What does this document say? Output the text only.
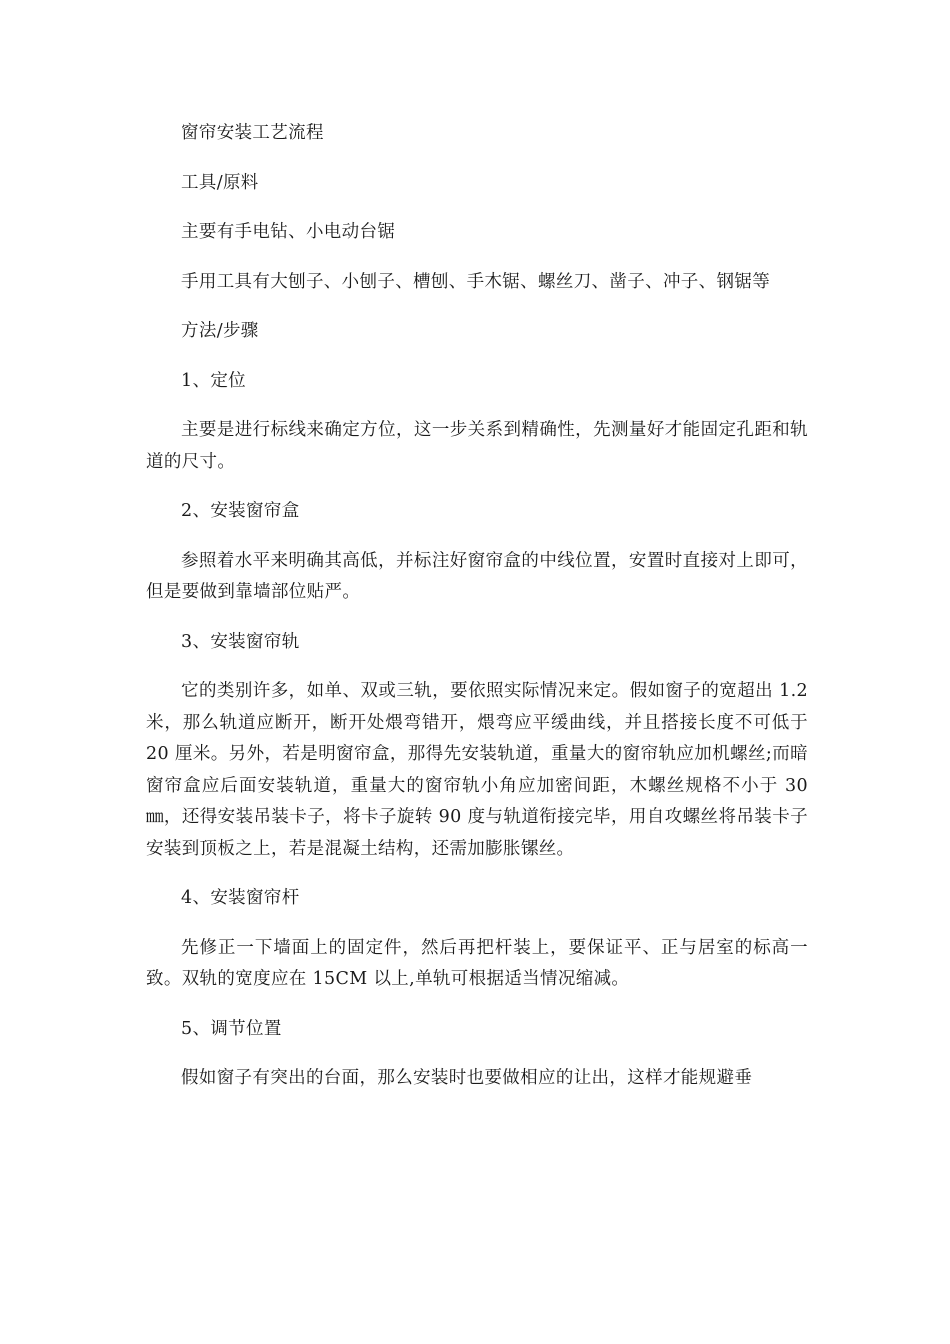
窗帘安装工艺流程

工具/原料

主要有手电钻、小电动台锯

手用工具有大刨子、小刨子、槽刨、手木锯、螺丝刀、凿子、冲子、钢锯等

方法/步骤

1、定位

主要是进行标线来确定方位，这一步关系到精确性，先测量好才能固定孔距和轨道的尺寸。

2、安装窗帘盒

参照着水平来明确其高低，并标注好窗帘盒的中线位置，安置时直接对上即可，但是要做到靠墙部位贴严。

3、安装窗帘轨

它的类别许多，如单、双或三轨，要依照实际情况来定。假如窗子的宽超出 1.2 米，那么轨道应断开，断开处煨弯错开，煨弯应平缓曲线，并且搭接长度不可低于 20 厘米。另外，若是明窗帘盒，那得先安装轨道，重量大的窗帘轨应加机螺丝;而暗窗帘盒应后面安装轨道，重量大的窗帘轨小角应加密间距，木螺丝规格不小于 30㎜，还得安装吊装卡子，将卡子旋转 90 度与轨道衔接完毕，用自攻螺丝将吊装卡子安装到顶板之上，若是混凝土结构，还需加膨胀镙丝。

4、安装窗帘杆

先修正一下墙面上的固定件，然后再把杆装上，要保证平、正与居室的标高一致。双轨的宽度应在 15CM 以上,单轨可根据适当情况缩减。

5、调节位置

假如窗子有突出的台面，那么安装时也要做相应的让出，这样才能规避垂
